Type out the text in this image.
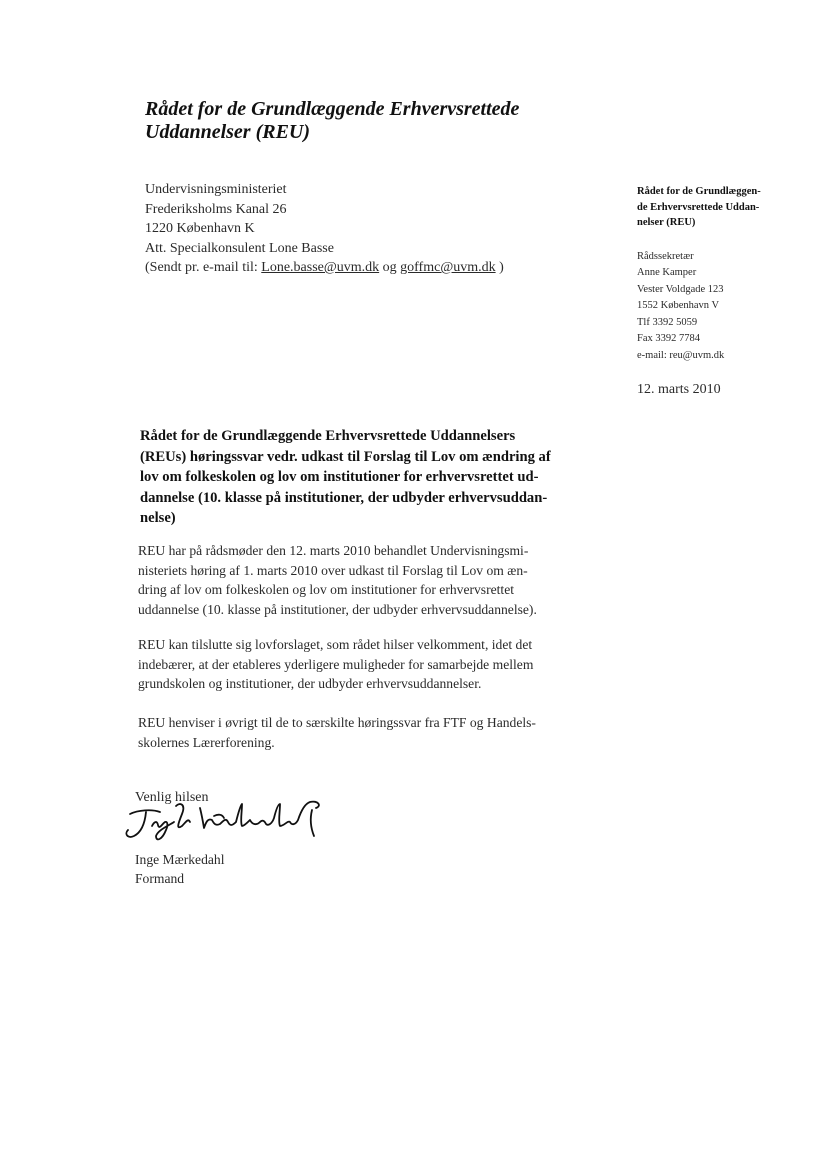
Rådet for de Grundlæggende Erhvervsrettede
Uddannelser (REU)
Undervisningsministeriet
Frederiksholms Kanal 26
1220 København K
Att. Specialkonsulent Lone Basse
(Sendt pr. e-mail til: Lone.basse@uvm.dk og goffmc@uvm.dk )
Rådet for de Grundlæggen-
de Erhvervsrettede Uddan-
nelser (REU)
Rådssekretær
Anne Kamper
Vester Voldgade 123
1552 København V
Tlf 3392 5059
Fax 3392 7784
e-mail: reu@uvm.dk
12. marts 2010
Rådet for de Grundlæggende Erhvervsrettede Uddannelsers
(REUs) høringssvar vedr. udkast til Forslag til Lov om ændring af
lov om folkeskolen og lov om institutioner for erhvervsrettet ud-
dannelse (10. klasse på institutioner, der udbyder erhvervsuddan-
nelse)
REU har på rådsmøder den 12. marts 2010 behandlet Undervisningsmi-
nisteriets høring af 1. marts 2010 over udkast til Forslag til Lov om æn-
dring af lov om folkeskolen og lov om institutioner for erhvervsrettet
uddannelse (10. klasse på institutioner, der udbyder erhvervsuddannelse).
REU kan tilslutte sig lovforslaget, som rådet hilser velkomment, idet det
indebærer, at der etableres yderligere muligheder for samarbejde mellem
grundskolen og institutioner, der udbyder erhvervsuddannelser.
REU henviser i øvrigt til de to særskilte høringssvar fra FTF og Handels-
skolernes Lærerforening.
Venlig hilsen
Inge Mærkedahl
Formand
